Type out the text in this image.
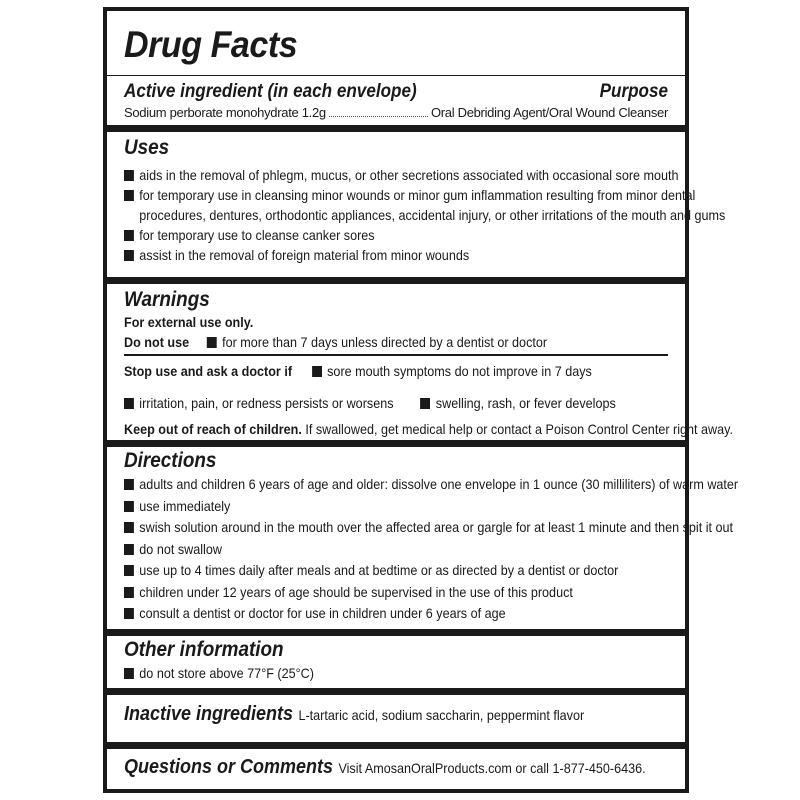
Drug Facts
Active ingredient (in each envelope)	Purpose
Sodium perborate monohydrate 1.2g	Oral Debriding Agent/Oral Wound Cleanser
Uses
aids in the removal of phlegm, mucus, or other secretions associated with occasional sore mouth
for temporary use in cleansing minor wounds or minor gum inflammation resulting from minor dental
procedures, dentures, orthodontic appliances, accidental injury, or other irritations of the mouth and gums
for temporary use to cleanse canker sores
assist in the removal of foreign material from minor wounds
Warnings
For external use only.
Do not use for more than 7 days unless directed by a dentist or doctor
Stop use and ask a doctor if	sore mouth symptoms do not improve in 7 days
irritation, pain, or redness persists or worsens	swelling, rash, or fever develops
Keep out of reach of children. If swallowed, get medical help or contact a Poison Control Center right away.
Directions
adults and children 6 years of age and older: dissolve one envelope in 1 ounce (30 milliliters) of warm water
use immediately
swish solution around in the mouth over the affected area or gargle for at least 1 minute and then spit it out
do not swallow
use up to 4 times daily after meals and at bedtime or as directed by a dentist or doctor
children under 12 years of age should be supervised in the use of this product
consult a dentist or doctor for use in children under 6 years of age
Other information
do not store above 77°F (25°C)
Inactive ingredients L-tartaric acid, sodium saccharin, peppermint flavor
Questions or Comments Visit AmosanOralProducts.com or call 1-877-450-6436.
